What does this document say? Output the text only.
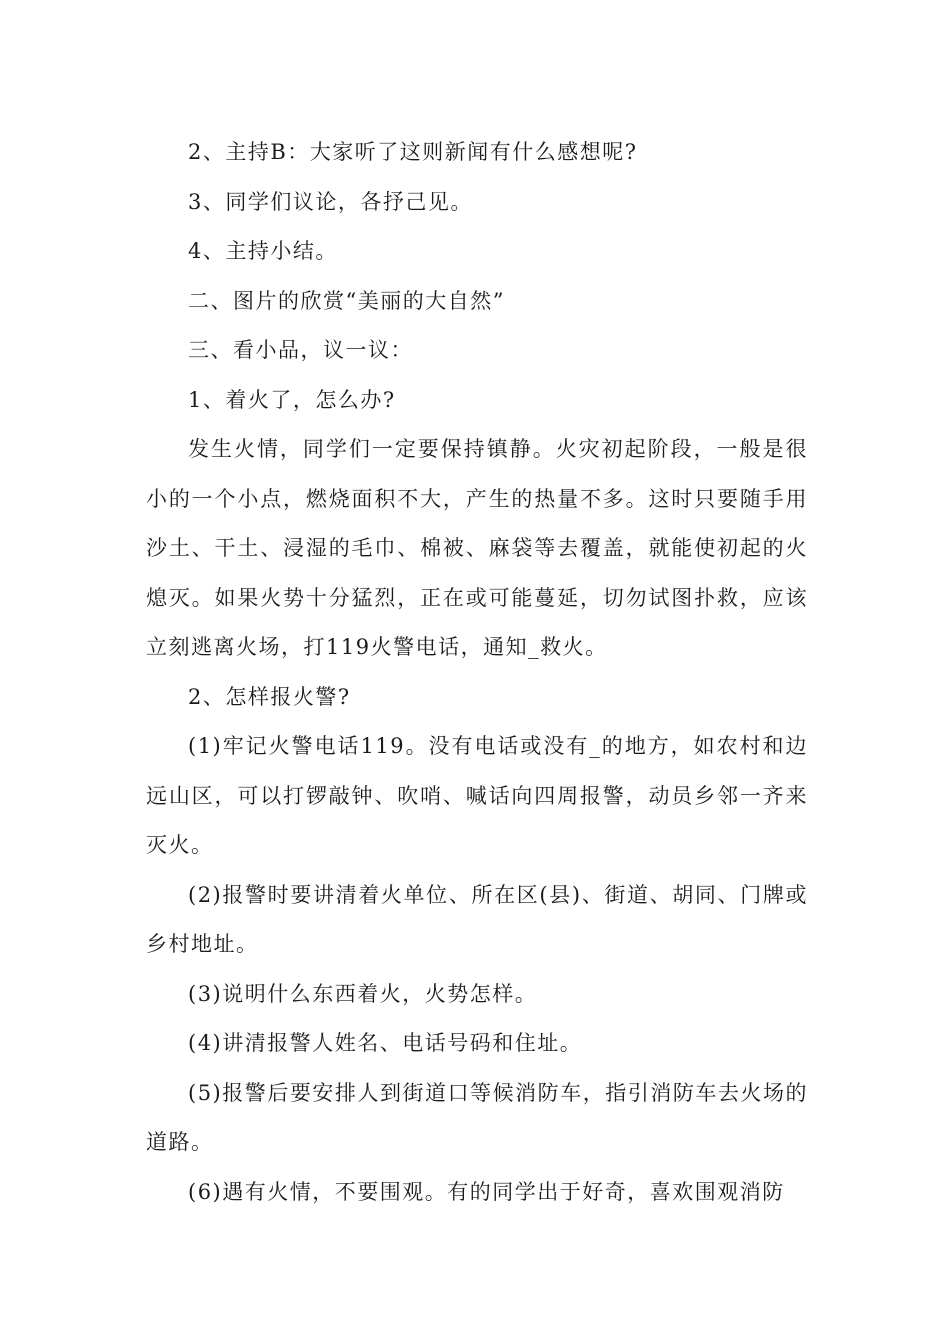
2、主持B：大家听了这则新闻有什么感想呢?

3、同学们议论，各抒己见。

4、主持小结。

二、图片的欣赏“美丽的大自然”

三、看小品，议一议：

1、着火了，怎么办?

发生火情，同学们一定要保持镇静。火灾初起阶段，一般是很小的一个小点，燃烧面积不大，产生的热量不多。这时只要随手用沙土、干土、浸湿的毛巾、棉被、麻袋等去覆盖，就能使初起的火熄灭。如果火势十分猛烈，正在或可能蔓延，切勿试图扑救，应该立刻逃离火场，打119火警电话，通知_救火。

2、怎样报火警?

(1)牢记火警电话119。没有电话或没有_的地方，如农村和边远山区，可以打锣敲钟、吹哨、喊话向四周报警，动员乡邻一齐来灭火。

(2)报警时要讲清着火单位、所在区(县)、街道、胡同、门牌或乡村地址。

(3)说明什么东西着火，火势怎样。

(4)讲清报警人姓名、电话号码和住址。

(5)报警后要安排人到街道口等候消防车，指引消防车去火场的道路。

(6)遇有火情，不要围观。有的同学出于好奇，喜欢围观消防
